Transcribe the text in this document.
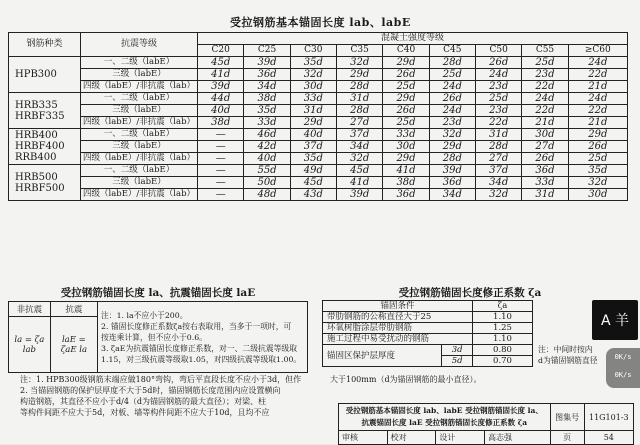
受拉钢筋基本锚固长度 lab、labE
钢筋种类	抗震等级	混凝土强度等级								
		C20	C25	C30	C35	C40	C45	C50	C55	≥C60

HPB300	一、二级（labE）	45d	39d	35d	32d	29d	28d	26d	25d	24d
	三级（labE）	41d	36d	32d	29d	26d	25d	24d	23d	22d
	四级（labE）/非抗震（lab）	39d	34d	30d	28d	25d	24d	23d	22d	21d

HRB335
HRBF335	一、二级（labE）	44d	38d	33d	31d	29d	26d	25d	24d	24d
	三级（labE）	40d	35d	31d	28d	26d	24d	23d	22d	22d
	四级（labE）/非抗震（lab）	38d	33d	29d	27d	25d	23d	22d	21d	21d

HRB400
HRBF400
RRB400	一、二级（labE）	—	46d	40d	37d	33d	32d	31d	30d	29d
	三级（labE）	—	42d	37d	34d	30d	29d	28d	27d	26d
	四级（labE）/非抗震（lab）	—	40d	35d	32d	29d	28d	27d	26d	25d

HRB500
HRBF500	一、二级（labE）	—	55d	49d	45d	41d	39d	37d	36d	35d
	三级（labE）	—	50d	45d	41d	38d	36d	34d	33d	32d
	四级（labE）/非抗震（lab）	—	48d	43d	39d	36d	34d	32d	31d	30d
受拉钢筋锚固长度 la、抗震锚固长度 laE
非抗震	抗震	注：1. la不应小于200。
2. 锚固长度修正系数ζa按右表取用，当多于一项时，可
按连乘计算，但不应小于0.6。
3. ζaE为抗震锚固长度修正系数，对一、二级抗震等级取
1.15，对三级抗震等级取1.05，对四级抗震等级取1.00。

la = ζa lab	laE = ζaE la	
受拉钢筋锚固长度修正系数 ζa
锚固条件		ζa
带肋钢筋的公称直径大于25		1.10
环氧树脂涂层带肋钢筋		1.25
施工过程中易受扰动的钢筋		1.10
锚固区保护层厚度	3d	0.80
	5d	0.70
注：中间时按内
d为锚固钢筋直径
注：1. HPB300级钢筋末端应做180°弯钩，弯后平直段长度不应小于3d，但作
2. 当锚固钢筋的保护层厚度不大于5d时，锚固钢筋长度范围内应设置横向
构造钢筋，其直径不应小于d/4（d为锚固钢筋的最大直径）；对梁、柱
等构件间距不应大于5d，对板、墙等构件间距不应大于10d，且均不应
大于100mm（d为锚固钢筋的最小直径）。
受拉钢筋基本锚固长度 lab、labE 受拉钢筋锚固长度 la、抗震锚固长度 laE 受拉钢筋锚固长度修正系数 ζa				图集号	11G101-3
审核	校对	设计	高志强	页	54
A 羊
0K/s
0K/s
